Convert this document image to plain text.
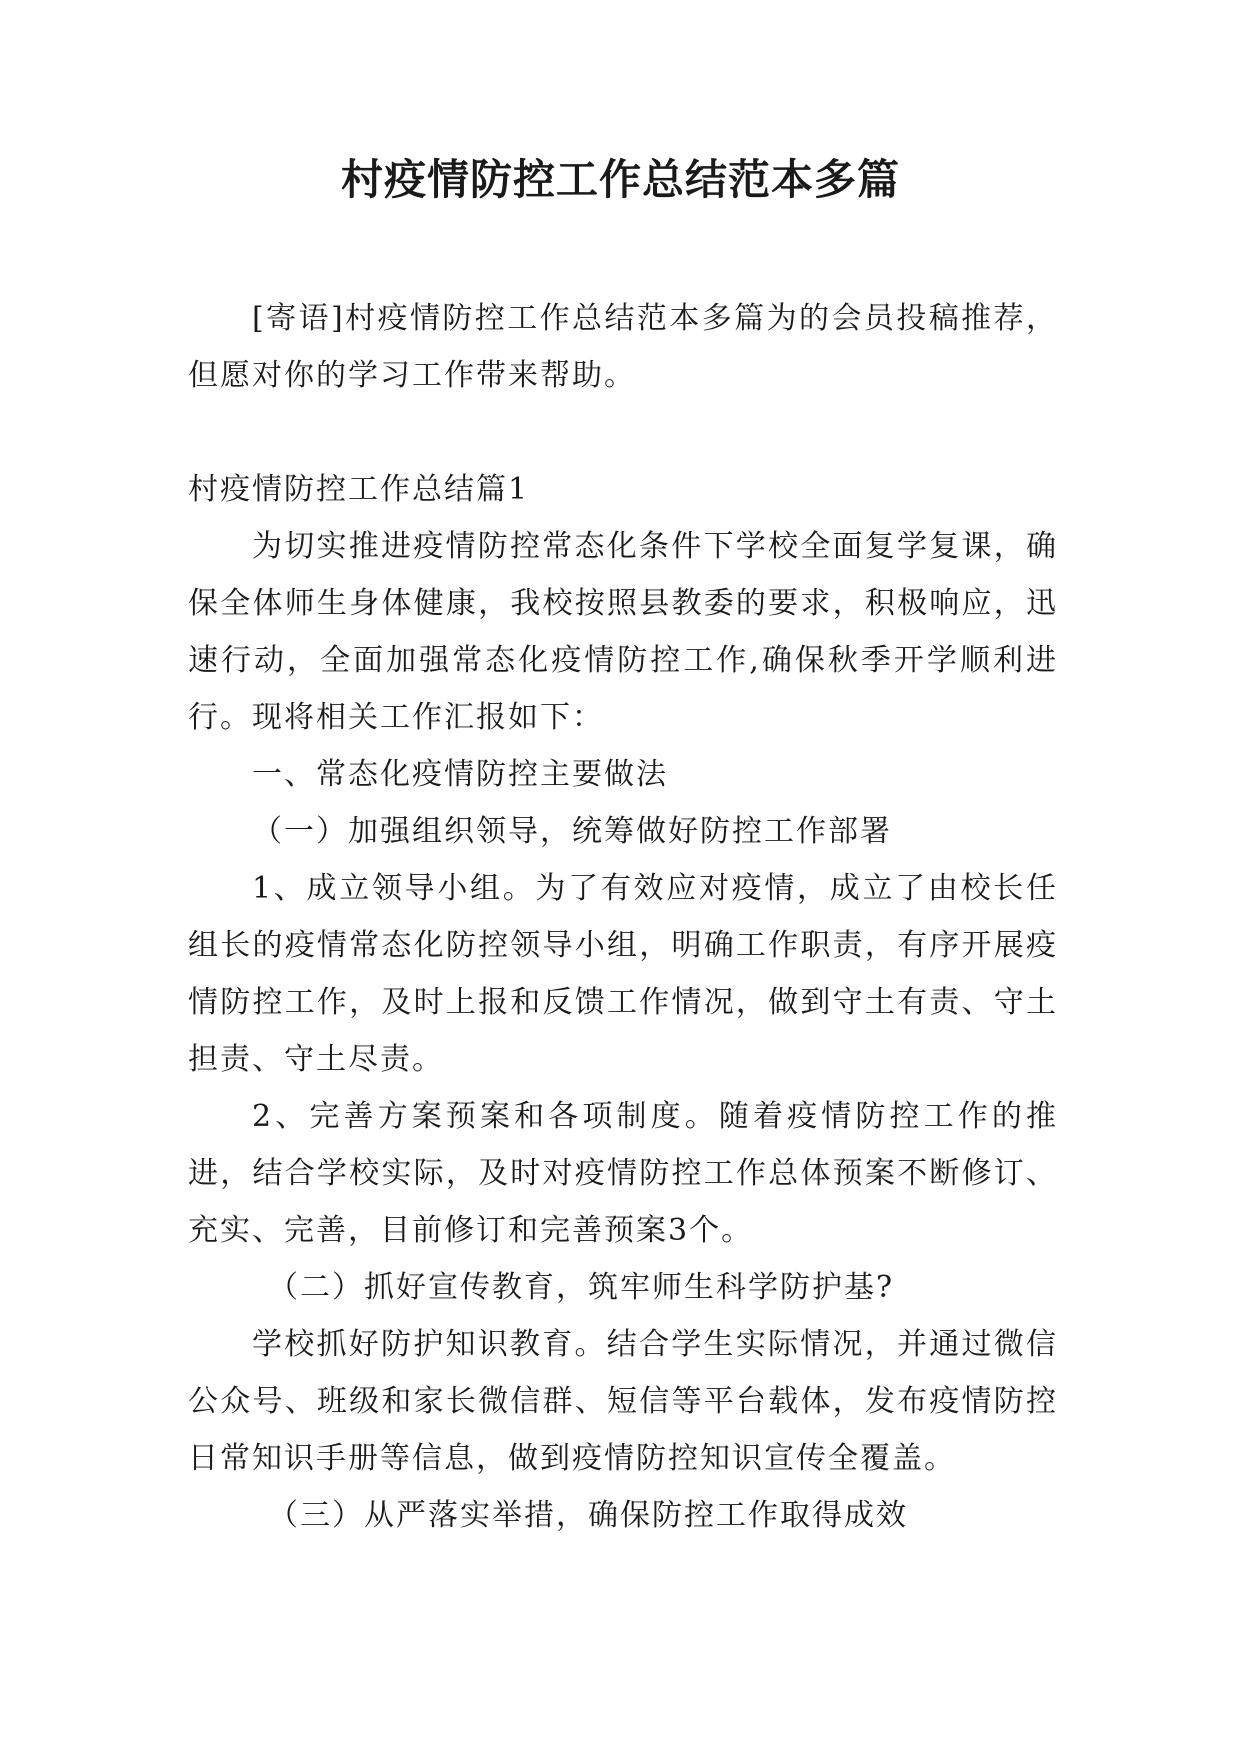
村疫情防控工作总结范本多篇

[寄语]村疫情防控工作总结范本多篇为的会员投稿推荐，但愿对你的学习工作带来帮助。

村疫情防控工作总结篇1

为切实推进疫情防控常态化条件下学校全面复学复课，确保全体师生身体健康，我校按照县教委的要求，积极响应，迅速行动，全面加强常态化疫情防控工作,确保秋季开学顺利进行。现将相关工作汇报如下：

一、常态化疫情防控主要做法

（一）加强组织领导，统筹做好防控工作部署

1、成立领导小组。为了有效应对疫情，成立了由校长任组长的疫情常态化防控领导小组，明确工作职责，有序开展疫情防控工作，及时上报和反馈工作情况，做到守土有责、守土担责、守土尽责。

2、完善方案预案和各项制度。随着疫情防控工作的推进，结合学校实际，及时对疫情防控工作总体预案不断修订、充实、完善，目前修订和完善预案3个。

（二）抓好宣传教育，筑牢师生科学防护基?

学校抓好防护知识教育。结合学生实际情况，并通过微信公众号、班级和家长微信群、短信等平台载体，发布疫情防控日常知识手册等信息，做到疫情防控知识宣传全覆盖。

（三）从严落实举措，确保防控工作取得成效
